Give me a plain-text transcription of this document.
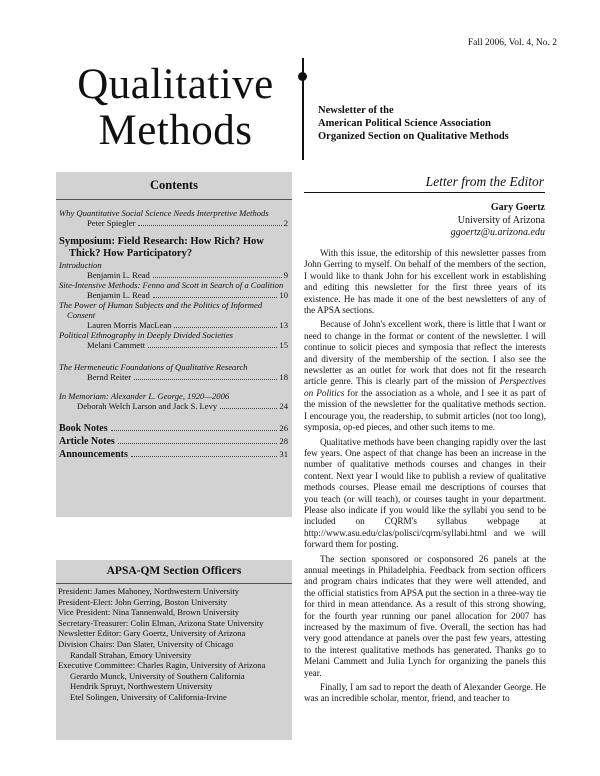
Fall 2006, Vol. 4, No. 2
Qualitative
Methods	Newsletter of the
American Political Science Association
Organized Section on Qualitative Methods
Contents
Why Quantitative Social Science Needs Interpretive Methods
Peter Spiegler	2
Symposium: Field Research: How Rich? How Thick? How Participatory?
Introduction
Benjamin L. Read	9
Site-Intensive Methods: Fenno and Scott in Search of a Coalition
Benjamin L. Read	10
The Power of Human Subjects and the Politics of Informed Consent
Lauren Morris MacLean	13
Political Ethnography in Deeply Divided Societies
Melani Cammett	15
The Hermeneutic Foundations of Qualitative Research
Bernd Reiter	18
In Memoriam: Alexander L. George, 1920—2006
Deborah Welch Larson and Jack S. Levy	24
Book Notes	26
Article Notes	28
Announcements	31
APSA-QM Section Officers
President: James Mahoney, Northwestern University
President-Elect: John Gerring, Boston University
Vice President: Nina Tannenwald, Brown University
Secretary-Treasurer: Colin Elman, Arizona State University
Newsletter Editor: Gary Goertz, University of Arizona
Division Chairs: Dan Slater, University of Chicago
Randall Strahan, Emory University
Executive Committee: Charles Ragin, University of Arizona
Gerardo Munck, University of Southern California
Hendrik Spruyt, Northwestern University
Etel Solingen, University of California-Irvine
Letter from the Editor
Gary Goertz
University of Arizona
ggoertz@u.arizona.edu

With this issue, the editorship of this newsletter passes from John Gerring to myself. On behalf of the members of the section, I would like to thank John for his excellent work in establishing and editing this newsletter for the first three years of its existence. He has made it one of the best newsletters of any of the APSA sections.

Because of John's excellent work, there is little that I want or need to change in the format or content of the newsletter. I will continue to solicit pieces and symposia that reflect the interests and diversity of the membership of the section. I also see the newsletter as an outlet for work that does not fit the research article genre. This is clearly part of the mission of Perspectives on Politics for the association as a whole, and I see it as part of the mission of the newsletter for the qualitative methods section. I encourage you, the readership, to submit articles (not too long), symposia, op-ed pieces, and other such items to me.

Qualitative methods have been changing rapidly over the last few years. One aspect of that change has been an increase in the number of qualitative methods courses and changes in their content. Next year I would like to publish a review of qualitative methods courses. Please email me descriptions of courses that you teach (or will teach), or courses taught in your department. Please also indicate if you would like the syllabi you send to be included on CQRM's syllabus webpage at http://www.asu.edu/clas/polisci/cqrm/syllabi.html and we will forward them for posting.

The section sponsored or cosponsored 26 panels at the annual meetings in Philadelphia. Feedback from section officers and program chairs indicates that they were well attended, and the official statistics from APSA put the section in a three-way tie for third in mean attendance. As a result of this strong showing, for the fourth year running our panel allocation for 2007 has increased by the maximum of five. Overall, the section has had very good attendance at panels over the past few years, attesting to the interest qualitative methods has generated. Thanks go to Melani Cammett and Julia Lynch for organizing the panels this year.

Finally, I am sad to report the death of Alexander George. He was an incredible scholar, mentor, friend, and teacher to
